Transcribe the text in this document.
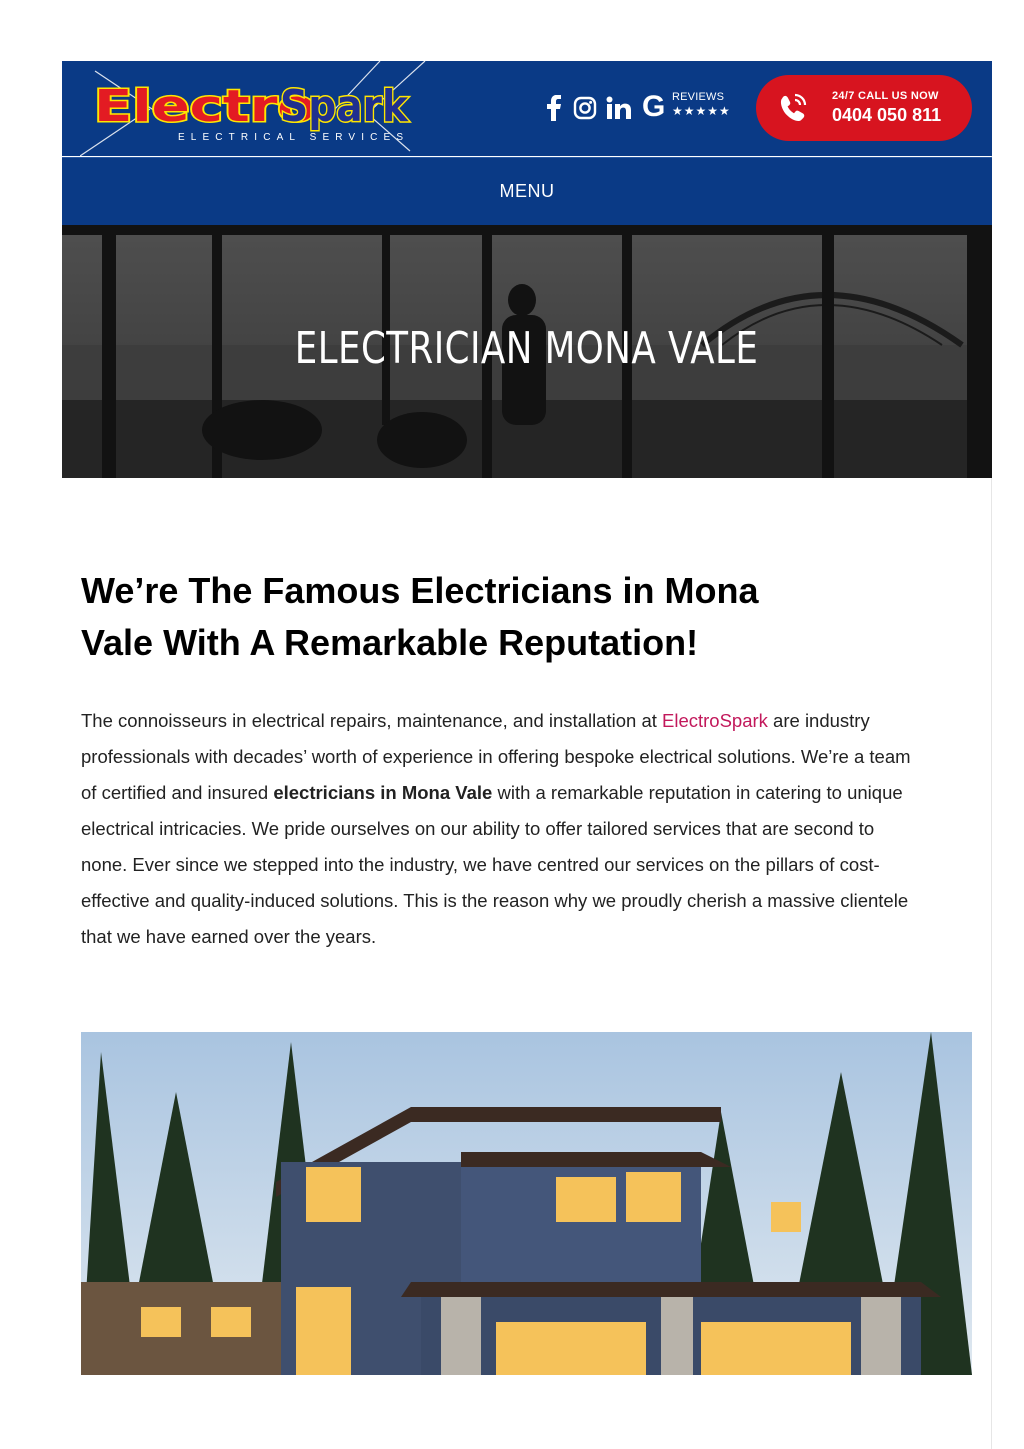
Electro
Spark
ELECTRICAL SERVICES
G REVIEWS
★★★★★
24/7 CALL US NOW
0404 050 811
MENU
ELECTRICIAN MONA VALE
We’re The Famous Electricians in Mona Vale With A Remarkable Reputation!

The connoisseurs in electrical repairs, maintenance, and installation at ElectroSpark are industry professionals with decades’ worth of experience in offering bespoke electrical solutions. We’re a team of certified and insured electricians in Mona Vale with a remarkable reputation in catering to unique electrical intricacies. We pride ourselves on our ability to offer tailored services that are second to none. Ever since we stepped into the industry, we have centred our services on the pillars of cost-effective and quality-induced solutions. This is the reason why we proudly cherish a massive clientele that we have earned over the years.
